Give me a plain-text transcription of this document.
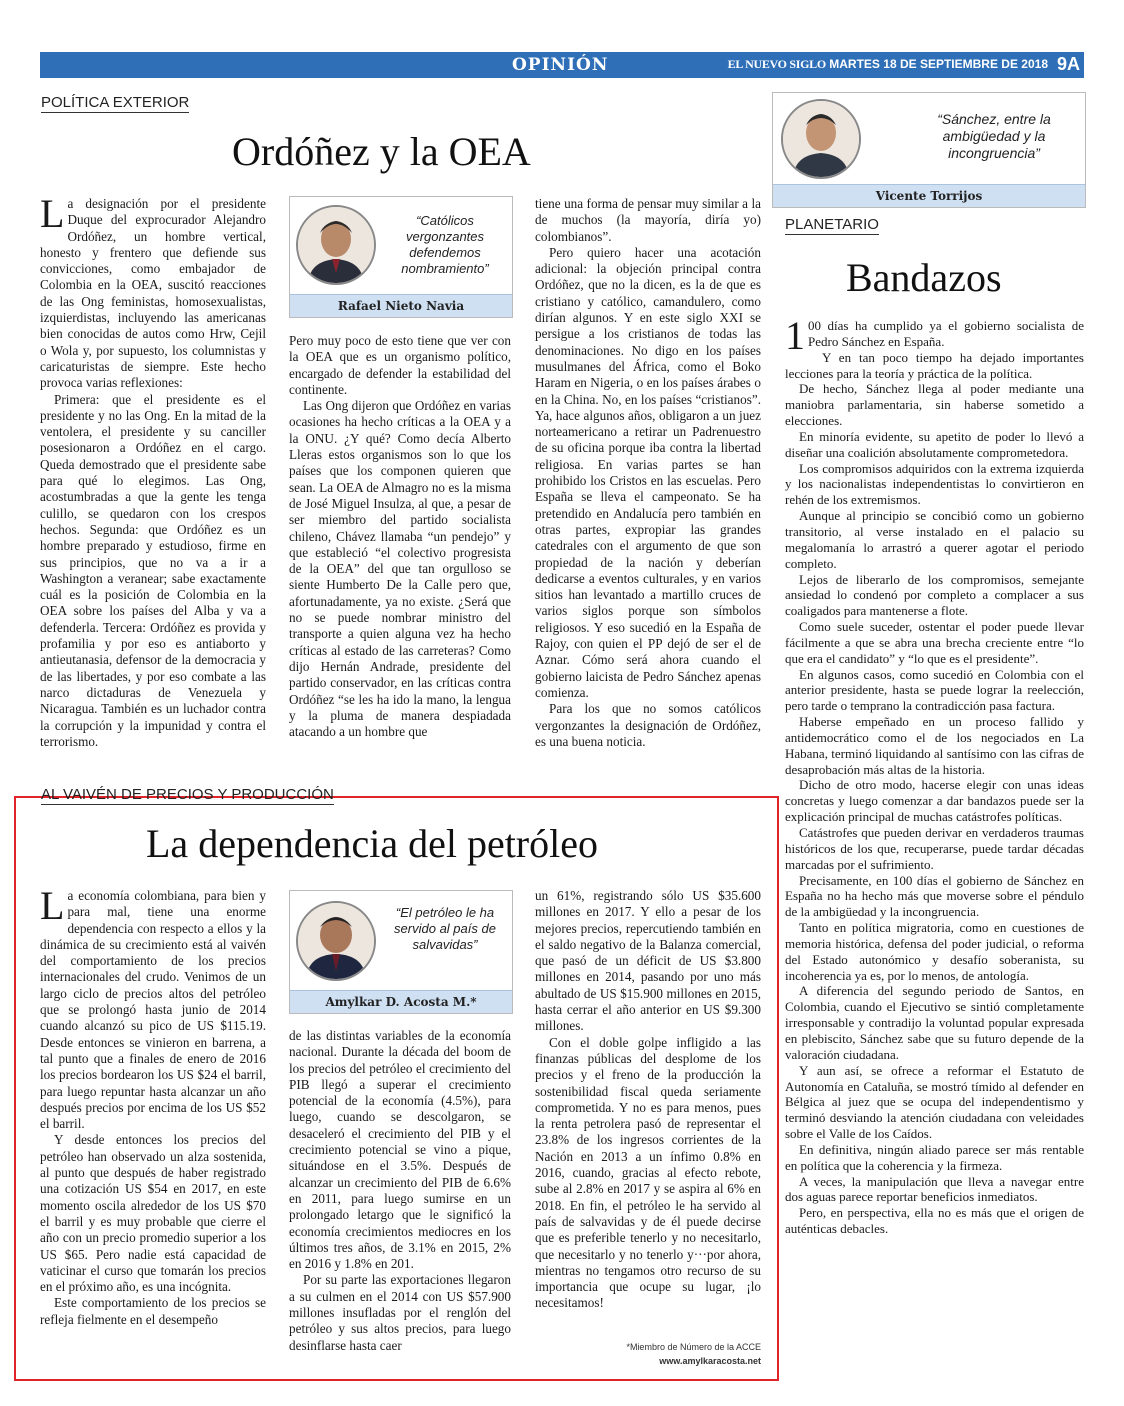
OPINIÓN	EL NUEVO SIGLO MARTES 18 DE SEPTIEMBRE DE 2018 9A
POLÍTICA EXTERIOR
Ordóñez y la OEA

La designación por el presidente Duque del exprocurador Alejandro Ordóñez, un hombre vertical, honesto y frentero que defiende sus convicciones, como embajador de Colombia en la OEA, suscitó reacciones de las Ong feministas, homosexualistas, izquierdistas, incluyendo las americanas bien conocidas de autos como Hrw, Cejil o Wola y, por supuesto, los columnistas y caricaturistas de siempre. Este hecho provoca varias reflexiones:

Primera: que el presidente es el presidente y no las Ong. En la mitad de la ventolera, el presidente y su canciller posesionaron a Ordóñez en el cargo. Queda demostrado que el presidente sabe para qué lo elegimos. Las Ong, acostumbradas a que la gente les tenga culillo, se quedaron con los crespos hechos. Segunda: que Ordóñez es un hombre preparado y estudioso, firme en sus principios, que no va a ir a Washington a veranear; sabe exactamente cuál es la posición de Colombia en la OEA sobre los países del Alba y va a defenderla. Tercera: Ordóñez es provida y profamilia y por eso es antiaborto y antieutanasia, defensor de la democracia y de las libertades, y por eso combate a las narco dictaduras de Venezuela y Nicaragua. También es un luchador contra la corrupción y la impunidad y contra el terrorismo.

“Católicos vergonzantes defendemos nombramiento”
Rafael Nieto Navia

Pero muy poco de esto tiene que ver con la OEA que es un organismo político, encargado de defender la estabilidad del continente.

Las Ong dijeron que Ordóñez en varias ocasiones ha hecho críticas a la OEA y a la ONU. ¿Y qué? Como decía Alberto Lleras estos organismos son lo que los países que los componen quieren que sean. La OEA de Almagro no es la misma de José Miguel Insulza, al que, a pesar de ser miembro del partido socialista chileno, Chávez llamaba “un pendejo” y que estableció “el colectivo progresista de la OEA” del que tan orgulloso se siente Humberto De la Calle pero que, afortunadamente, ya no existe. ¿Será que no se puede nombrar ministro del transporte a quien alguna vez ha hecho críticas al estado de las carreteras? Como dijo Hernán Andrade, presidente del partido conservador, en las críticas contra Ordóñez “se les ha ido la mano, la lengua y la pluma de manera despiadada atacando a un hombre que

tiene una forma de pensar muy similar a la de muchos (la mayoría, diría yo) colombianos”.

Pero quiero hacer una acotación adicional: la objeción principal contra Ordóñez, que no la dicen, es la de que es cristiano y católico, camandulero, como dirían algunos. Y en este siglo XXI se persigue a los cristianos de todas las denominaciones. No digo en los países musulmanes del África, como el Boko Haram en Nigeria, o en los países árabes o en la China. No, en los países “cristianos”. Ya, hace algunos años, obligaron a un juez norteamericano a retirar un Padrenuestro de su oficina porque iba contra la libertad religiosa. En varias partes se han prohibido los Cristos en las escuelas. Pero España se lleva el campeonato. Se ha pretendido en Andalucía pero también en otras partes, expropiar las grandes catedrales con el argumento de que son propiedad de la nación y deberían dedicarse a eventos culturales, y en varios sitios han levantado a martillo cruces de varios siglos porque son símbolos religiosos. Y eso sucedió en la España de Rajoy, con quien el PP dejó de ser el de Aznar. Cómo será ahora cuando el gobierno laicista de Pedro Sánchez apenas comienza.

Para los que no somos católicos vergonzantes la designación de Ordóñez, es una buena noticia.

AL VAIVÉN DE PRECIOS Y PRODUCCIÓN
La dependencia del petróleo

La economía colombiana, para bien y para mal, tiene una enorme dependencia con respecto a ellos y la dinámica de su crecimiento está al vaivén del comportamiento de los precios internacionales del crudo. Venimos de un largo ciclo de precios altos del petróleo que se prolongó hasta junio de 2014 cuando alcanzó su pico de US $115.19. Desde entonces se vinieron en barrena, a tal punto que a finales de enero de 2016 los precios bordearon los US $24 el barril, para luego repuntar hasta alcanzar un año después precios por encima de los US $52 el barril.

Y desde entonces los precios del petróleo han observado un alza sostenida, al punto que después de haber registrado una cotización US $54 en 2017, en este momento oscila alrededor de los US $70 el barril y es muy probable que cierre el año con un precio promedio superior a los US $65. Pero nadie está capacidad de vaticinar el curso que tomarán los precios en el próximo año, es una incógnita.

Este comportamiento de los precios se refleja fielmente en el desempeño

“El petróleo le ha servido al país de salvavidas”
Amylkar D. Acosta M.*

de las distintas variables de la economía nacional. Durante la década del boom de los precios del petróleo el crecimiento del PIB llegó a superar el crecimiento potencial de la economía (4.5%), para luego, cuando se descolgaron, se desaceleró el crecimiento del PIB y el crecimiento potencial se vino a pique, situándose en el 3.5%. Después de alcanzar un crecimiento del PIB de 6.6% en 2011, para luego sumirse en un prolongado letargo que le significó la economía crecimientos mediocres en los últimos tres años, de 3.1% en 2015, 2% en 2016 y 1.8% en 201.

Por su parte las exportaciones llegaron a su culmen en el 2014 con US $57.900 millones insufladas por el renglón del petróleo y sus altos precios, para luego desinflarse hasta caer

un 61%, registrando sólo US $35.600 millones en 2017. Y ello a pesar de los mejores precios, repercutiendo también en el saldo negativo de la Balanza comercial, que pasó de un déficit de US $3.800 millones en 2014, pasando por uno más abultado de US $15.900 millones en 2015, hasta cerrar el año anterior en US $9.300 millones.

Con el doble golpe infligido a las finanzas públicas del desplome de los precios y el freno de la producción la sostenibilidad fiscal queda seriamente comprometida. Y no es para menos, pues la renta petrolera pasó de representar el 23.8% de los ingresos corrientes de la Nación en 2013 a un ínfimo 0.8% en 2016, cuando, gracias al efecto rebote, sube al 2.8% en 2017 y se aspira al 6% en 2018. En fin, el petróleo le ha servido al país de salvavidas y de él puede decirse que es preferible tenerlo y no necesitarlo, que necesitarlo y no tenerlo y···por ahora, mientras no tengamos otro recurso de su importancia que ocupe su lugar, ¡lo necesitamos!

*Miembro de Número de la ACCE
www.amylkaracosta.net
“Sánchez, entre la ambigüedad y la incongruencia”
Vicente Torrijos
PLANETARIO
Bandazos

1 00 días ha cumplido ya el gobierno socialista de Pedro Sánchez en España.

Y en tan poco tiempo ha dejado importantes lecciones para la teoría y práctica de la política.

De hecho, Sánchez llega al poder mediante una maniobra parlamentaria, sin haberse sometido a elecciones.

En minoría evidente, su apetito de poder lo llevó a diseñar una coalición absolutamente comprometedora.

Los compromisos adquiridos con la extrema izquierda y los nacionalistas independentistas lo convirtieron en rehén de los extremismos.

Aunque al principio se concibió como un gobierno transitorio, al verse instalado en el palacio su megalomanía lo arrastró a querer agotar el periodo completo.

Lejos de liberarlo de los compromisos, semejante ansiedad lo condenó por completo a complacer a sus coaligados para mantenerse a flote.

Como suele suceder, ostentar el poder puede llevar fácilmente a que se abra una brecha creciente entre “lo que era el candidato” y “lo que es el presidente”.

En algunos casos, como sucedió en Colombia con el anterior presidente, hasta se puede lograr la reelección, pero tarde o temprano la contradicción pasa factura.

Haberse empeñado en un proceso fallido y antidemocrático como el de los negociados en La Habana, terminó liquidando al santísimo con las cifras de desaprobación más altas de la historia.

Dicho de otro modo, hacerse elegir con unas ideas concretas y luego comenzar a dar bandazos puede ser la explicación principal de muchas catástrofes políticas.

Catástrofes que pueden derivar en verdaderos traumas históricos de los que, recuperarse, puede tardar décadas marcadas por el sufrimiento.

Precisamente, en 100 días el gobierno de Sánchez en España no ha hecho más que moverse sobre el péndulo de la ambigüedad y la incongruencia.

Tanto en política migratoria, como en cuestiones de memoria histórica, defensa del poder judicial, o reforma del Estado autonómico y desafío soberanista, su incoherencia ya es, por lo menos, de antología.

A diferencia del segundo periodo de Santos, en Colombia, cuando el Ejecutivo se sintió completamente irresponsable y contradijo la voluntad popular expresada en plebiscito, Sánchez sabe que su futuro depende de la valoración ciudadana.

Y aun así, se ofrece a reformar el Estatuto de Autonomía en Cataluña, se mostró tímido al defender en Bélgica al juez que se ocupa del independentismo y terminó desviando la atención ciudadana con veleidades sobre el Valle de los Caídos.

En definitiva, ningún aliado parece ser más rentable en política que la coherencia y la firmeza.

A veces, la manipulación que lleva a navegar entre dos aguas parece reportar beneficios inmediatos.

Pero, en perspectiva, ella no es más que el origen de auténticas debacles.
